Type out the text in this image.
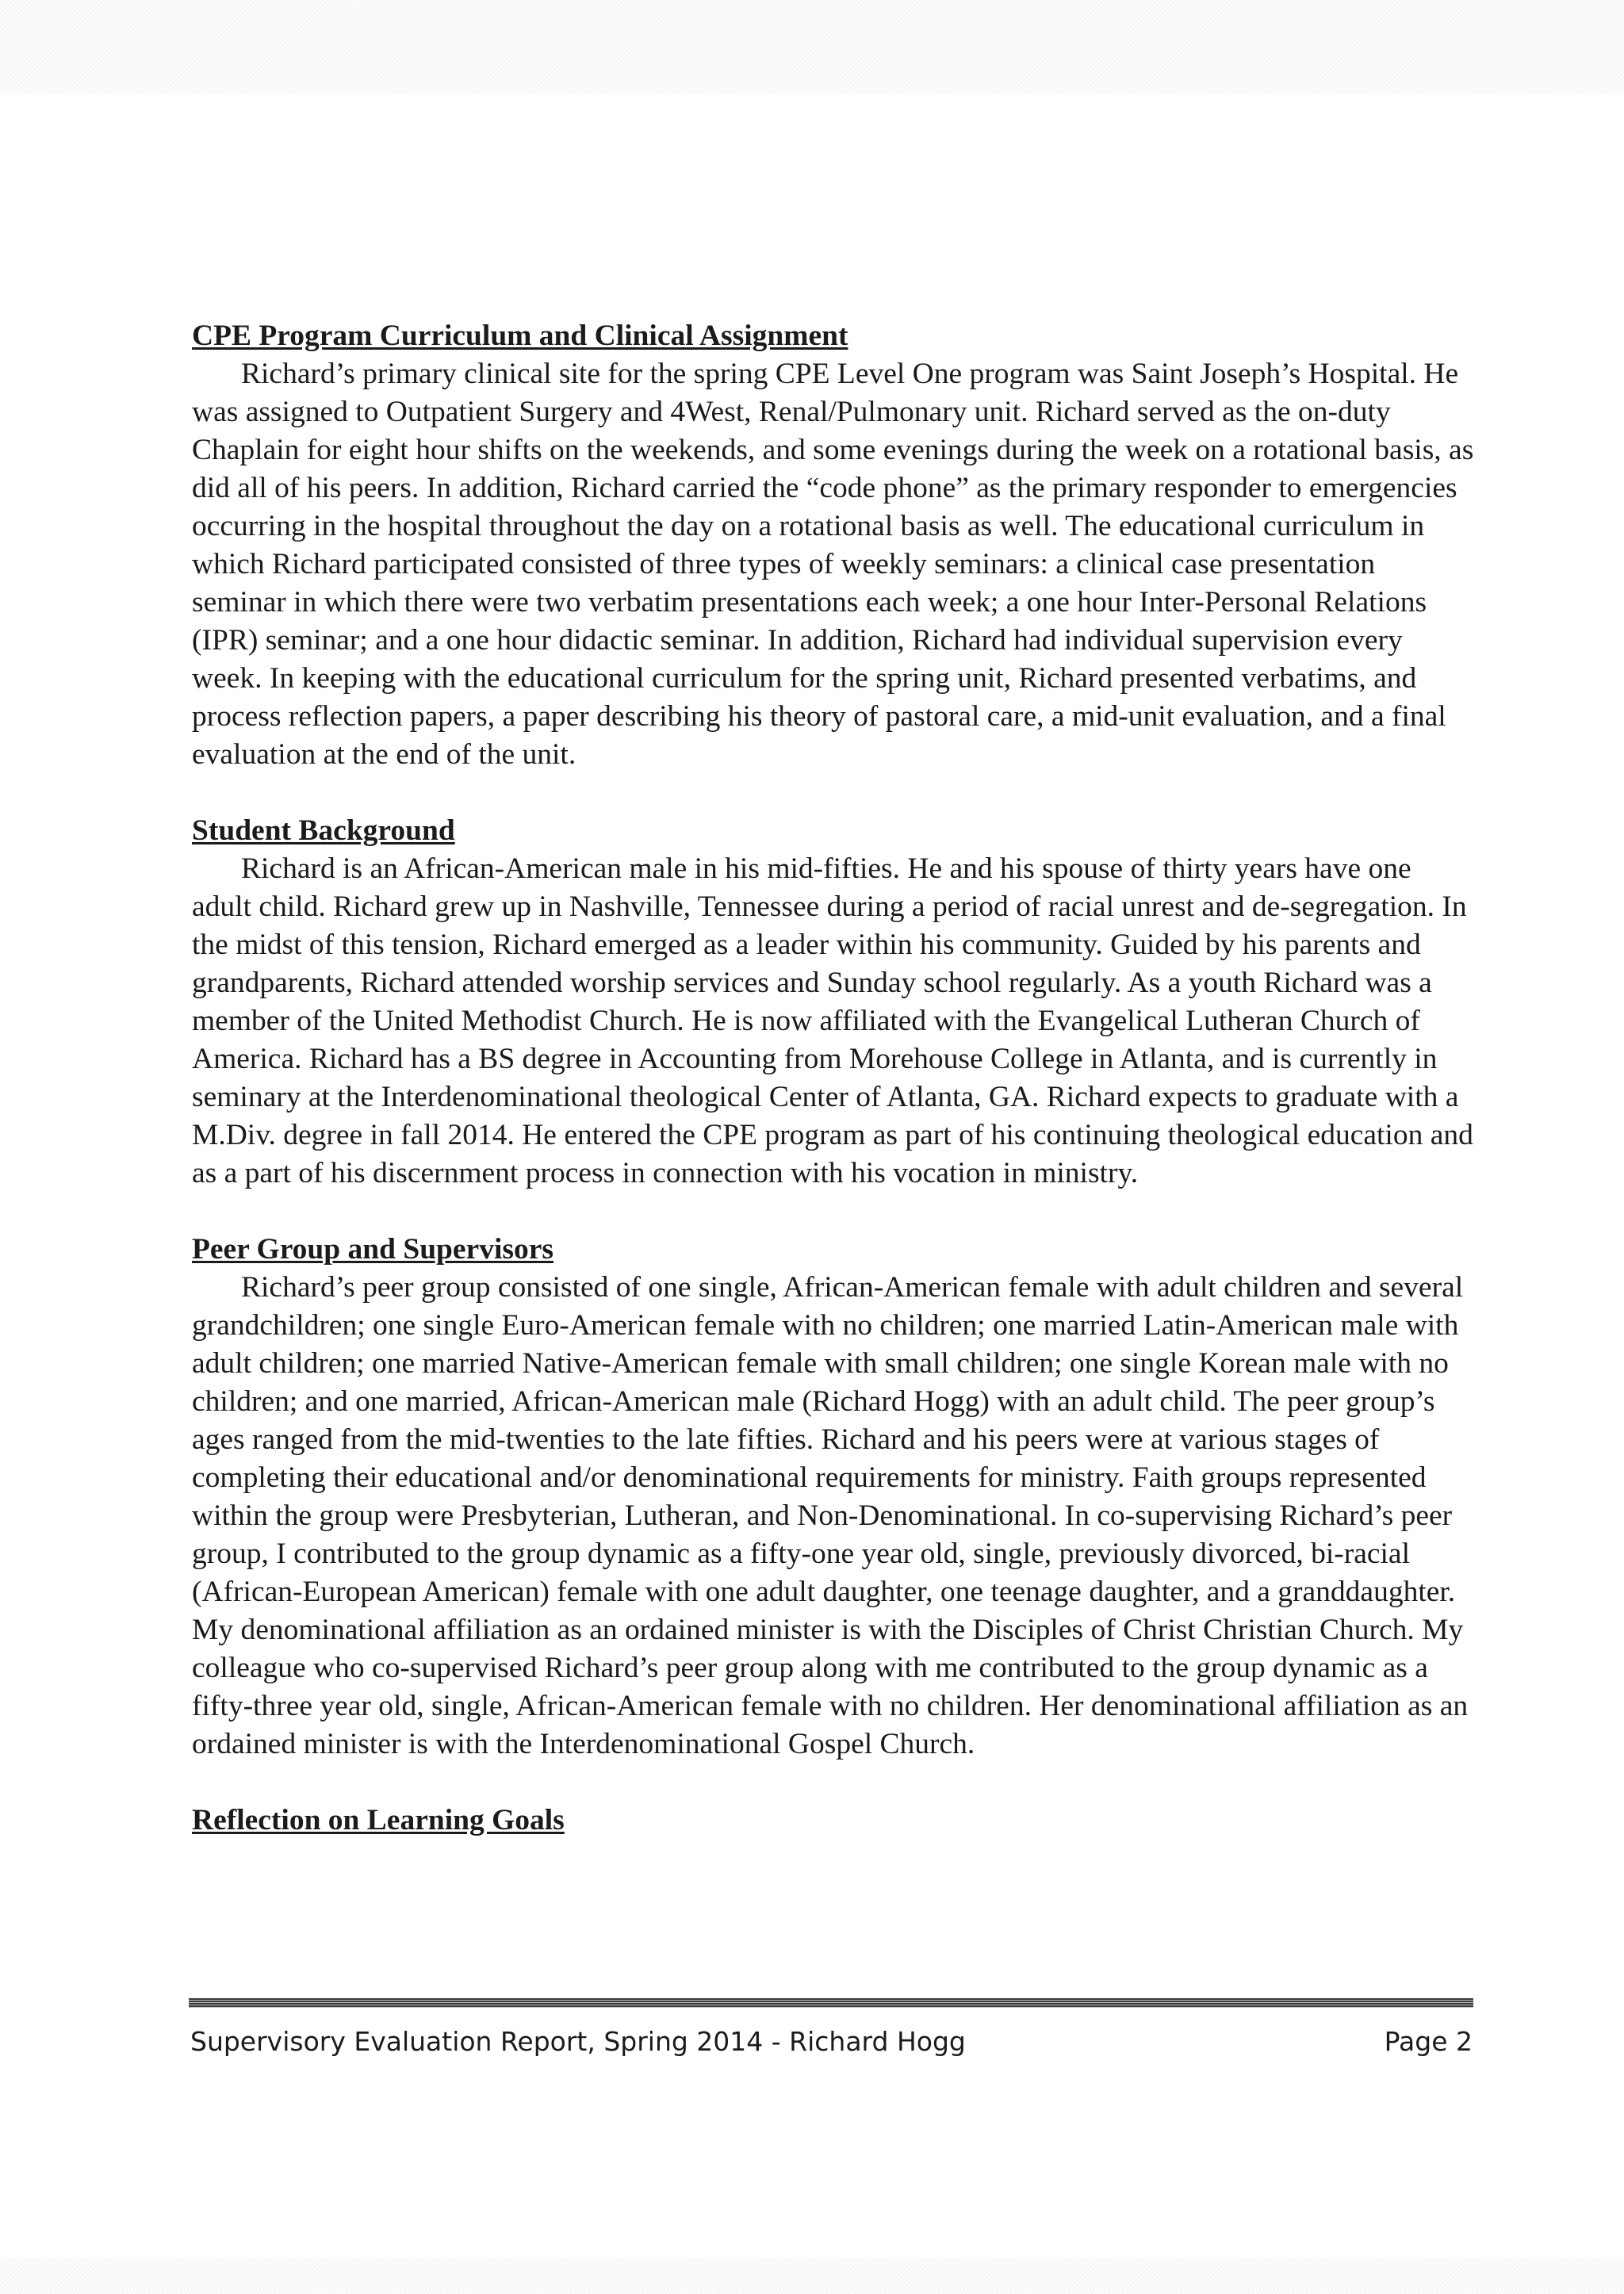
CPE Program Curriculum and Clinical Assignment

Richard’s primary clinical site for the spring CPE Level One program was Saint Joseph’s Hospital. He was assigned to Outpatient Surgery and 4West, Renal/Pulmonary unit. Richard served as the on-duty Chaplain for eight hour shifts on the weekends, and some evenings during the week on a rotational basis, as did all of his peers. In addition, Richard carried the “code phone” as the primary responder to emergencies occurring in the hospital throughout the day on a rotational basis as well. The educational curriculum in which Richard participated consisted of three types of weekly seminars: a clinical case presentation seminar in which there were two verbatim presentations each week; a one hour Inter-Personal Relations (IPR) seminar; and a one hour didactic seminar. In addition, Richard had individual supervision every week. In keeping with the educational curriculum for the spring unit, Richard presented verbatims, and process reflection papers, a paper describing his theory of pastoral care, a mid-unit evaluation, and a final evaluation at the end of the unit.

Student Background

Richard is an African-American male in his mid-fifties. He and his spouse of thirty years have one adult child. Richard grew up in Nashville, Tennessee during a period of racial unrest and de-segregation. In the midst of this tension, Richard emerged as a leader within his community. Guided by his parents and grandparents, Richard attended worship services and Sunday school regularly. As a youth Richard was a member of the United Methodist Church. He is now affiliated with the Evangelical Lutheran Church of America. Richard has a BS degree in Accounting from Morehouse College in Atlanta, and is currently in seminary at the Interdenominational theological Center of Atlanta, GA. Richard expects to graduate with a M.Div. degree in fall 2014. He entered the CPE program as part of his continuing theological education and as a part of his discernment process in connection with his vocation in ministry.

Peer Group and Supervisors

Richard’s peer group consisted of one single, African-American female with adult children and several grandchildren; one single Euro-American female with no children; one married Latin-American male with adult children; one married Native-American female with small children; one single Korean male with no children; and one married, African-American male (Richard Hogg) with an adult child. The peer group’s ages ranged from the mid-twenties to the late fifties. Richard and his peers were at various stages of completing their educational and/or denominational requirements for ministry. Faith groups represented within the group were Presbyterian, Lutheran, and Non-Denominational. In co-supervising Richard’s peer group, I contributed to the group dynamic as a fifty-one year old, single, previously divorced, bi-racial (African-European American) female with one adult daughter, one teenage daughter, and a granddaughter. My denominational affiliation as an ordained minister is with the Disciples of Christ Christian Church. My colleague who co-supervised Richard’s peer group along with me contributed to the group dynamic as a fifty-three year old, single, African-American female with no children. Her denominational affiliation as an ordained minister is with the Interdenominational Gospel Church.

Reflection on Learning Goals
Supervisory Evaluation Report, Spring 2014 - Richard Hogg	Page 2
